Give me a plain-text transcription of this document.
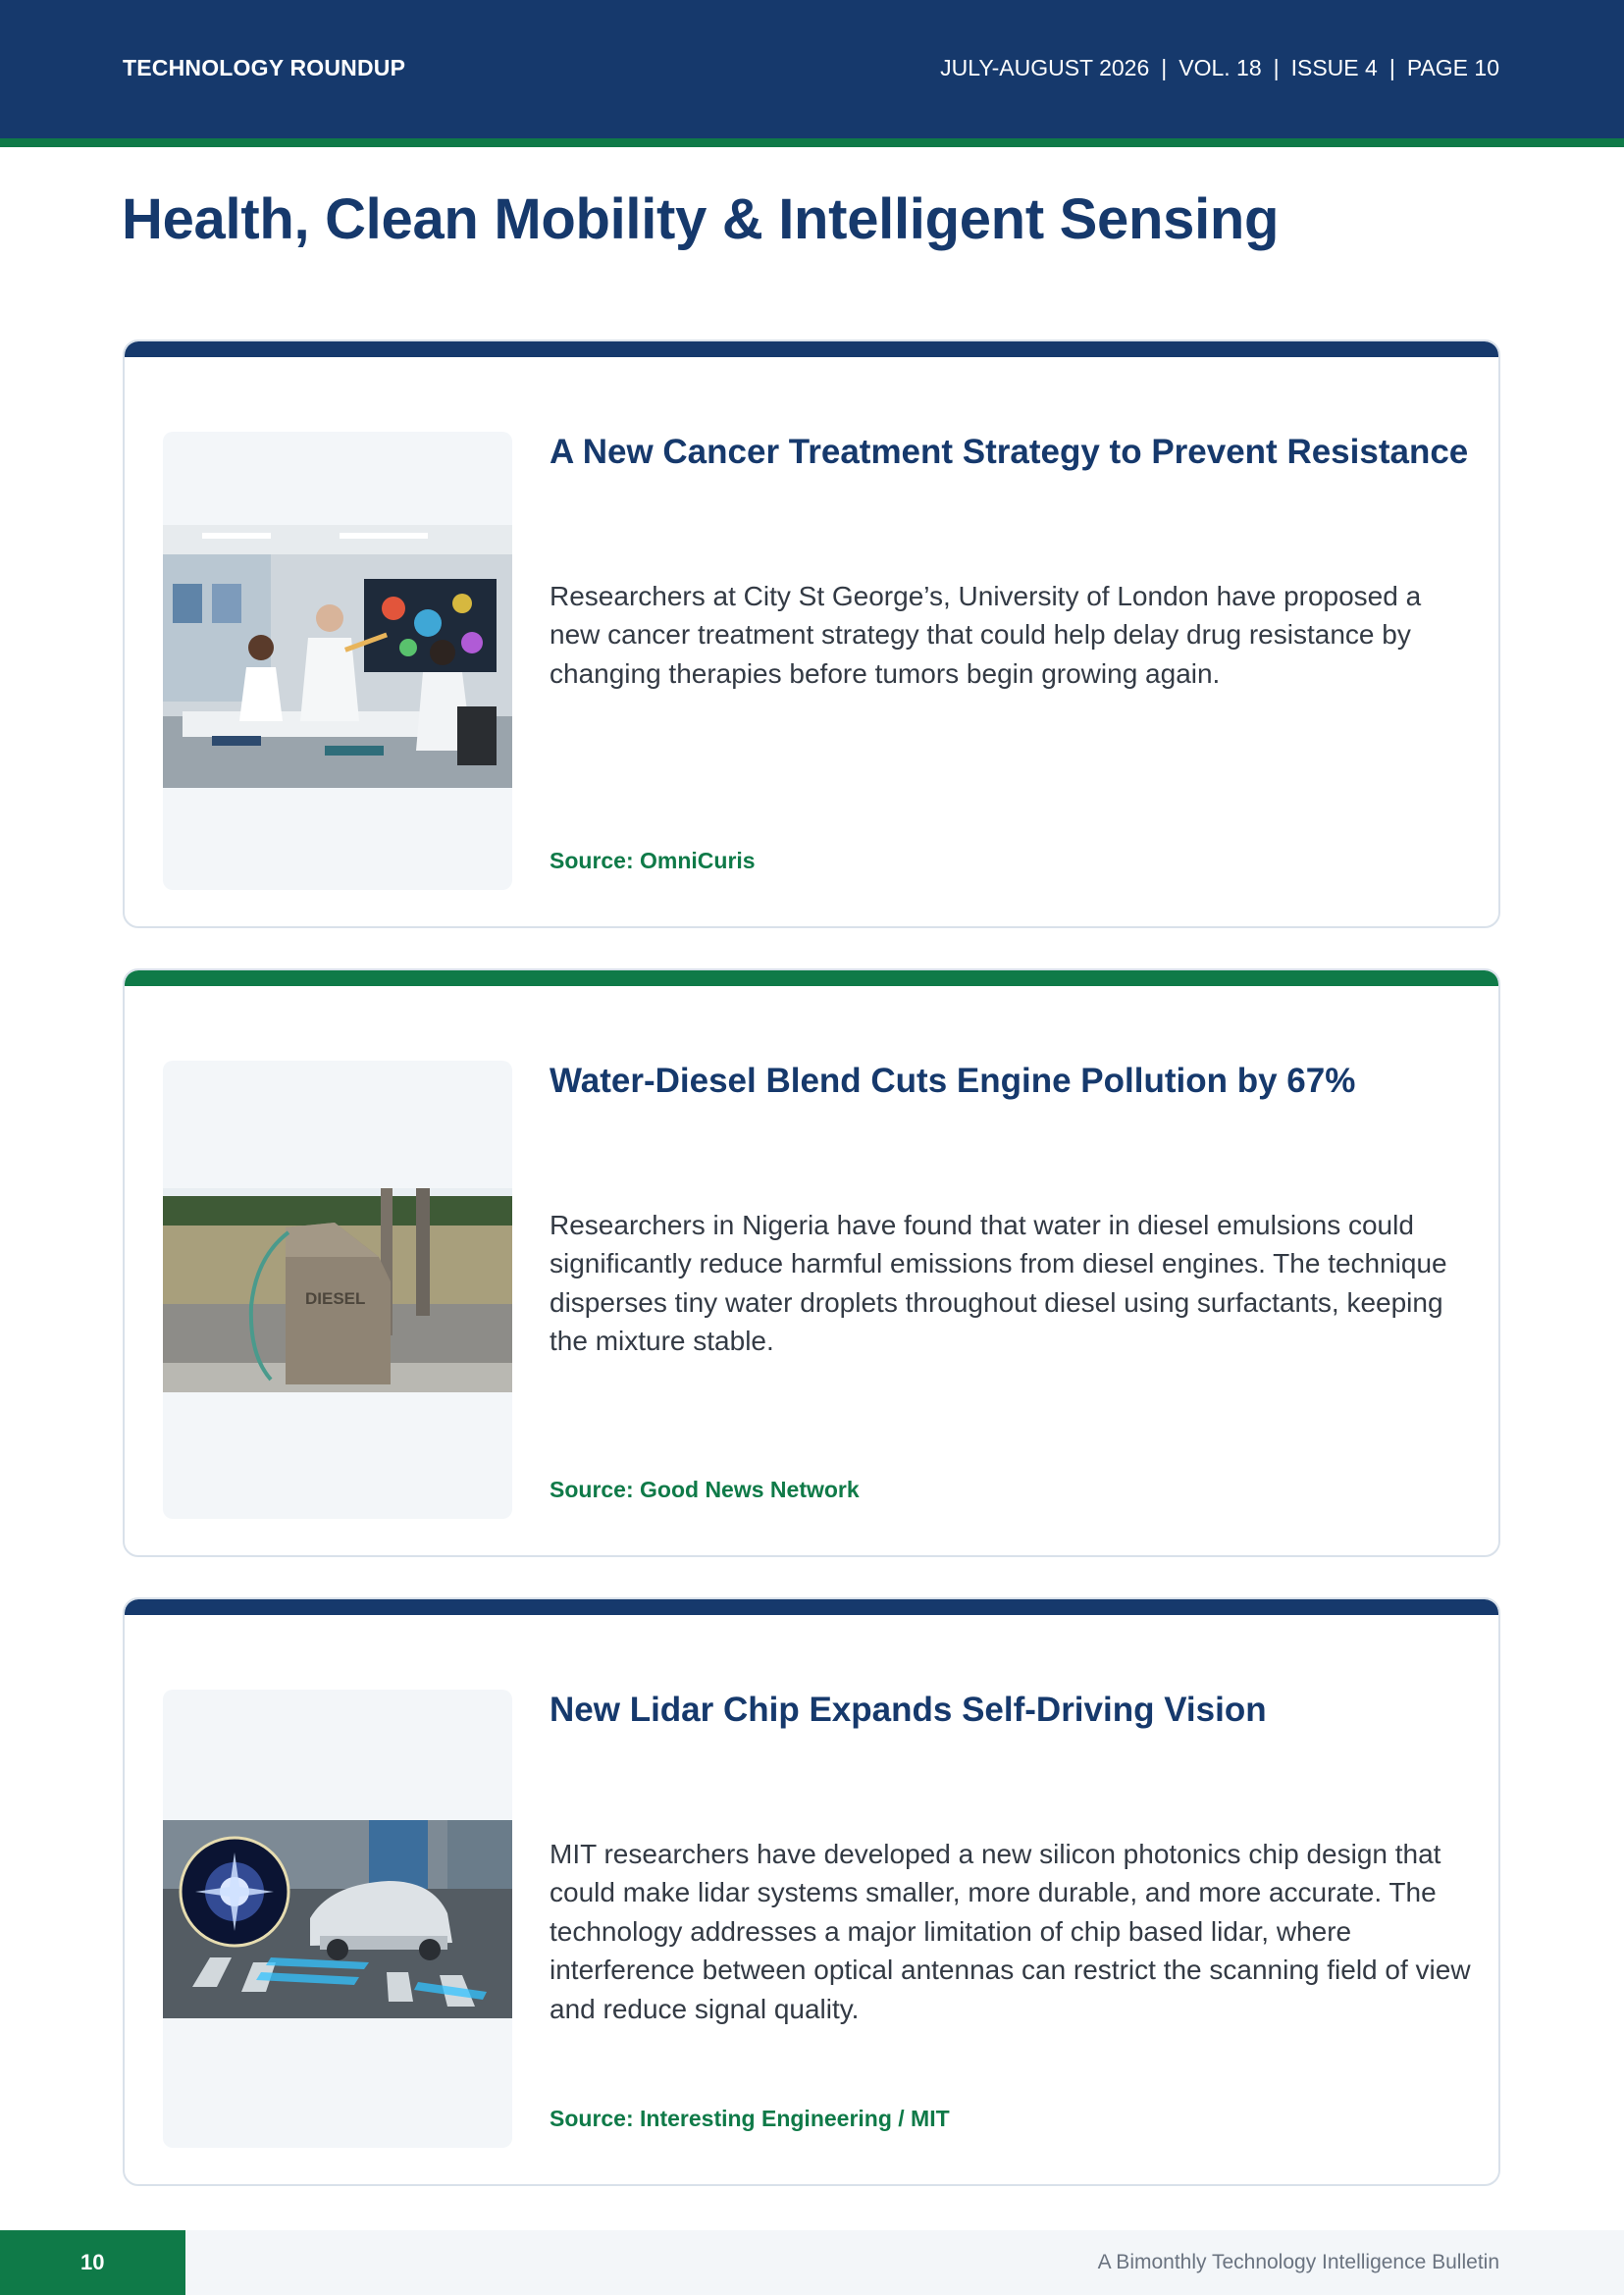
TECHNOLOGY ROUNDUP	JULY-AUGUST 2026 | VOL. 18 | ISSUE 4 | PAGE 10
Health, Clean Mobility & Intelligent Sensing
A New Cancer Treatment Strategy to Prevent Resistance
Researchers at City St George’s, University of London have proposed a new cancer treatment strategy that could help delay drug resistance by changing therapies before tumors begin growing again.
Source: OmniCuris
DIESEL
Water-Diesel Blend Cuts Engine Pollution by 67%
Researchers in Nigeria have found that water in diesel emulsions could significantly reduce harmful emissions from diesel engines. The technique disperses tiny water droplets throughout diesel using surfactants, keeping the mixture stable.
Source: Good News Network
New Lidar Chip Expands Self-Driving Vision
MIT researchers have developed a new silicon photonics chip design that could make lidar systems smaller, more durable, and more accurate. The technology addresses a major limitation of chip based lidar, where interference between optical antennas can restrict the scanning field of view and reduce signal quality.
Source: Interesting Engineering / MIT
10	A Bimonthly Technology Intelligence Bulletin
